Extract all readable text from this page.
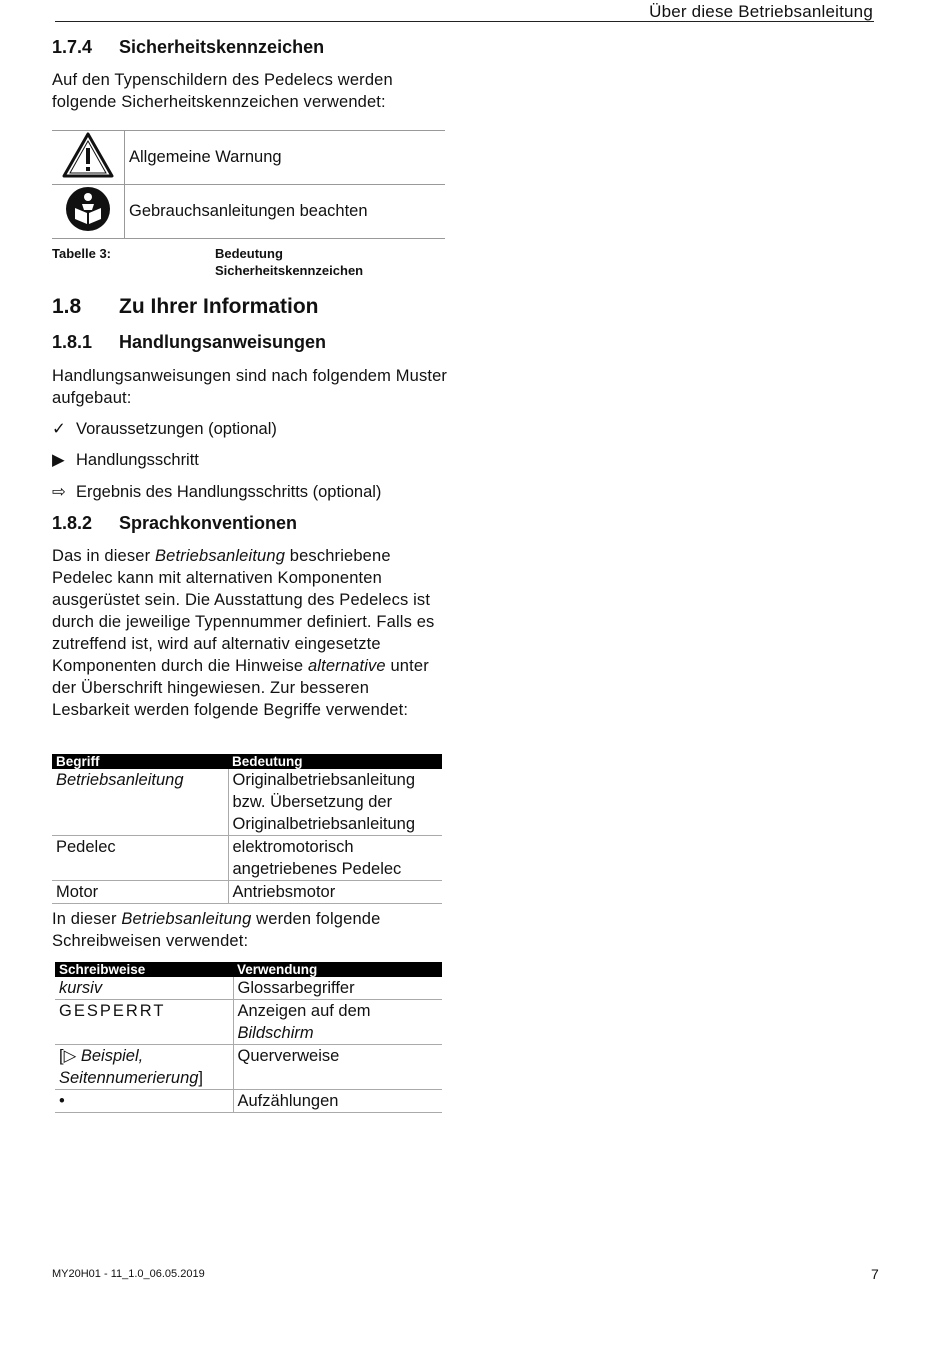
Über diese Betriebsanleitung
1.7.4 Sicherheitskennzeichen
Auf den Typenschildern des Pedelecs werden folgende Sicherheitskennzeichen verwendet:
	Allgemeine Warnung
	Gebrauchsanleitungen beachten
Tabelle 3:	Bedeutung
Sicherheitskennzeichen
1.8 Zu Ihrer Information
1.8.1 Handlungsanweisungen
Handlungsanweisungen sind nach folgendem Muster aufgebaut:
✓ Voraussetzungen (optional)
▶ Handlungsschritt
⇨ Ergebnis des Handlungsschritts (optional)
1.8.2 Sprachkonventionen
Das in dieser Betriebsanleitung beschriebene Pedelec kann mit alternativen Komponenten ausgerüstet sein. Die Ausstattung des Pedelecs ist durch die jeweilige Typennummer definiert. Falls es zutreffend ist, wird auf alternativ eingesetzte Komponenten durch die Hinweise alternative unter der Überschrift hingewiesen. Zur besseren Lesbarkeit werden folgende Begriffe verwendet:
Begriff	Bedeutung
Betriebsanleitung	Originalbetriebsanleitung
bzw. Übersetzung der
Originalbetriebsanleitung

Pedelec	elektromotorisch
angetriebenes Pedelec

Motor	Antriebsmotor
In dieser Betriebsanleitung werden folgende Schreibweisen verwendet:
Schreibweise	Verwendung
kursiv	Glossarbegriffer
GESPERRT	Anzeigen auf dem
Bildschirm

[▷ Beispiel,
Seitennumerierung]	Querverweise
•	Aufzählungen
MY20H01 - 11_1.0_06.05.2019	7
